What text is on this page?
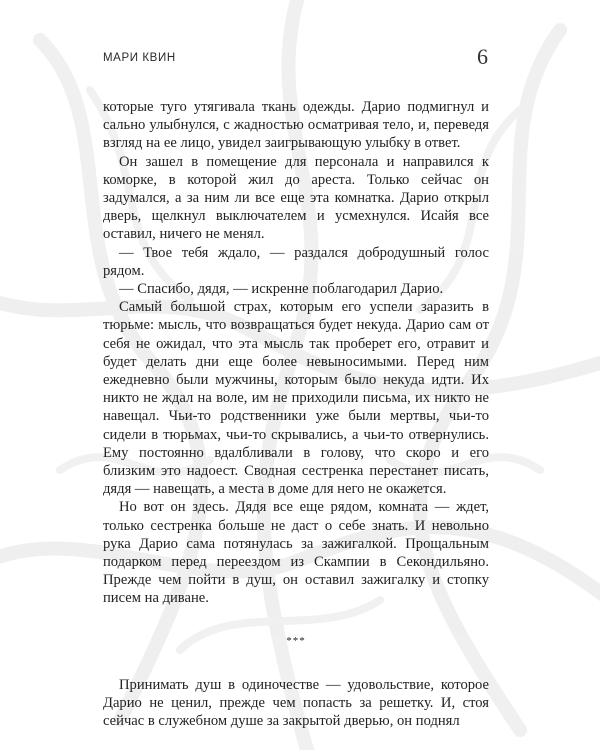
МАРИ КВИН	6

которые туго утягивала ткань одежды. Дарио подмигнул и сально улыбнулся, с жадностью осматривая тело, и, переведя взгляд на ее лицо, увидел заигрывающую улыбку в ответ.

Он зашел в помещение для персонала и направился к коморке, в которой жил до ареста. Только сейчас он задумался, а за ним ли все еще эта комнатка. Дарио открыл дверь, щелкнул выключателем и усмехнулся. Исайя все оставил, ничего не менял.

— Твое тебя ждало, — раздался добродушный голос рядом.

— Спасибо, дядя, — искренне поблагодарил Дарио.

Самый большой страх, которым его успели заразить в тюрьме: мысль, что возвращаться будет некуда. Дарио сам от себя не ожидал, что эта мысль так проберет его, отравит и будет делать дни еще более невыносимыми. Перед ним ежедневно были мужчины, которым было некуда идти. Их никто не ждал на воле, им не приходили письма, их никто не навещал. Чьи-то родственники уже были мертвы, чьи-то сидели в тюрьмах, чьи-то скрывались, а чьи-то отвернулись. Ему постоянно вдалбливали в голову, что скоро и его близким это надоест. Сводная сестренка перестанет писать, дядя — навещать, а места в доме для него не окажется.

Но вот он здесь. Дядя все еще рядом, комната — ждет, только сестренка больше не даст о себе знать. И невольно рука Дарио сама потянулась за зажигалкой. Прощальным подарком перед переездом из Скампии в Секондильяно. Прежде чем пойти в душ, он оставил зажигалку и стопку писем на диване.

***

Принимать душ в одиночестве — удовольствие, которое Дарио не ценил, прежде чем попасть за решетку. И, стоя сейчас в служебном душе за закрытой дверью, он поднял
